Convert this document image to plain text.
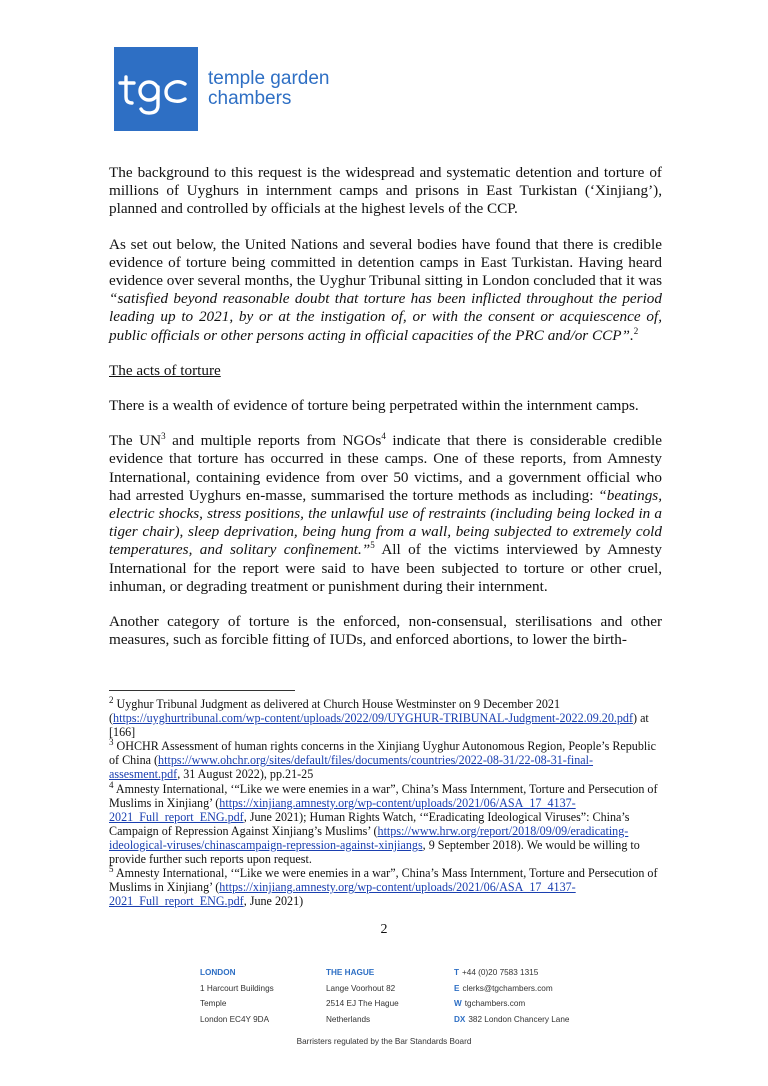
temple garden
chambers

The background to this request is the widespread and systematic detention and torture of millions of Uyghurs in internment camps and prisons in East Turkistan (‘Xinjiang’), planned and controlled by officials at the highest levels of the CCP.

As set out below, the United Nations and several bodies have found that there is credible evidence of torture being committed in detention camps in East Turkistan. Having heard evidence over several months, the Uyghur Tribunal sitting in London concluded that it was “satisfied beyond reasonable doubt that torture has been inflicted throughout the period leading up to 2021, by or at the instigation of, or with the consent or acquiescence of, public officials or other persons acting in official capacities of the PRC and/or CCP”.$^2$

The acts of torture

There is a wealth of evidence of torture being perpetrated within the internment camps.

The $UN^3$ and multiple reports from NGOs$^4$ indicate that there is considerable credible evidence that torture has occurred in these camps. One of these reports, from Amnesty International, containing evidence from over 50 victims, and a government official who had arrested Uyghurs en-masse, summarised the torture methods as including: “beatings, electric shocks, stress positions, the unlawful use of restraints (including being locked in a tiger chair), sleep deprivation, being hung from a wall, being subjected to extremely cold temperatures, and solitary confinement.”$^5$ All of the victims interviewed by Amnesty International for the report were said to have been subjected to torture or other cruel, inhuman, or degrading treatment or punishment during their internment.

Another category of torture is the enforced, non-consensual, sterilisations and other measures, such as forcible fitting of IUDs, and enforced abortions, to lower the birth-

$^2$ Uyghur Tribunal Judgment as delivered at Church House Westminster on 9 December 2021 (https://uyghurtribunal.com/wp-content/uploads/2022/09/UYGHUR-TRIBUNAL-Judgment-2022.09.20.pdf) at [166]

$^3$ OHCHR Assessment of human rights concerns in the Xinjiang Uyghur Autonomous Region, People’s Republic of China (https://www.ohchr.org/sites/default/files/documents/countries/2022-08-31/22-08-31-final-assesment.pdf, 31 August 2022), pp.21-25

$^4$ Amnesty International, ‘“Like we were enemies in a war”, China’s Mass Internment, Torture and Persecution of Muslims in Xinjiang’ (https://xinjiang.amnesty.org/wp-content/uploads/2021/06/ASA_17_4137-2021_Full_report_ENG.pdf, June 2021); Human Rights Watch, ‘“Eradicating Ideological Viruses”: China’s Campaign of Repression Against Xinjiang’s Muslims’ (https://www.hrw.org/report/2018/09/09/eradicating-ideological-viruses/chinascampaign-repression-against-xinjiangs, 9 September 2018). We would be willing to provide further such reports upon request.

$^5$ Amnesty International, ‘“Like we were enemies in a war”, China’s Mass Internment, Torture and Persecution of Muslims in Xinjiang’ (https://xinjiang.amnesty.org/wp-content/uploads/2021/06/ASA_17_4137-2021_Full_report_ENG.pdf, June 2021)

2
LONDON
1 Harcourt Buildings
Temple
London EC4Y 9DA
THE HAGUE
Lange Voorhout 82
2514 EJ The Hague
Netherlands
T +44 (0)20 7583 1315
E clerks@tgchambers.com
W tgchambers.com
DX 382 London Chancery Lane
Barristers regulated by the Bar Standards Board
